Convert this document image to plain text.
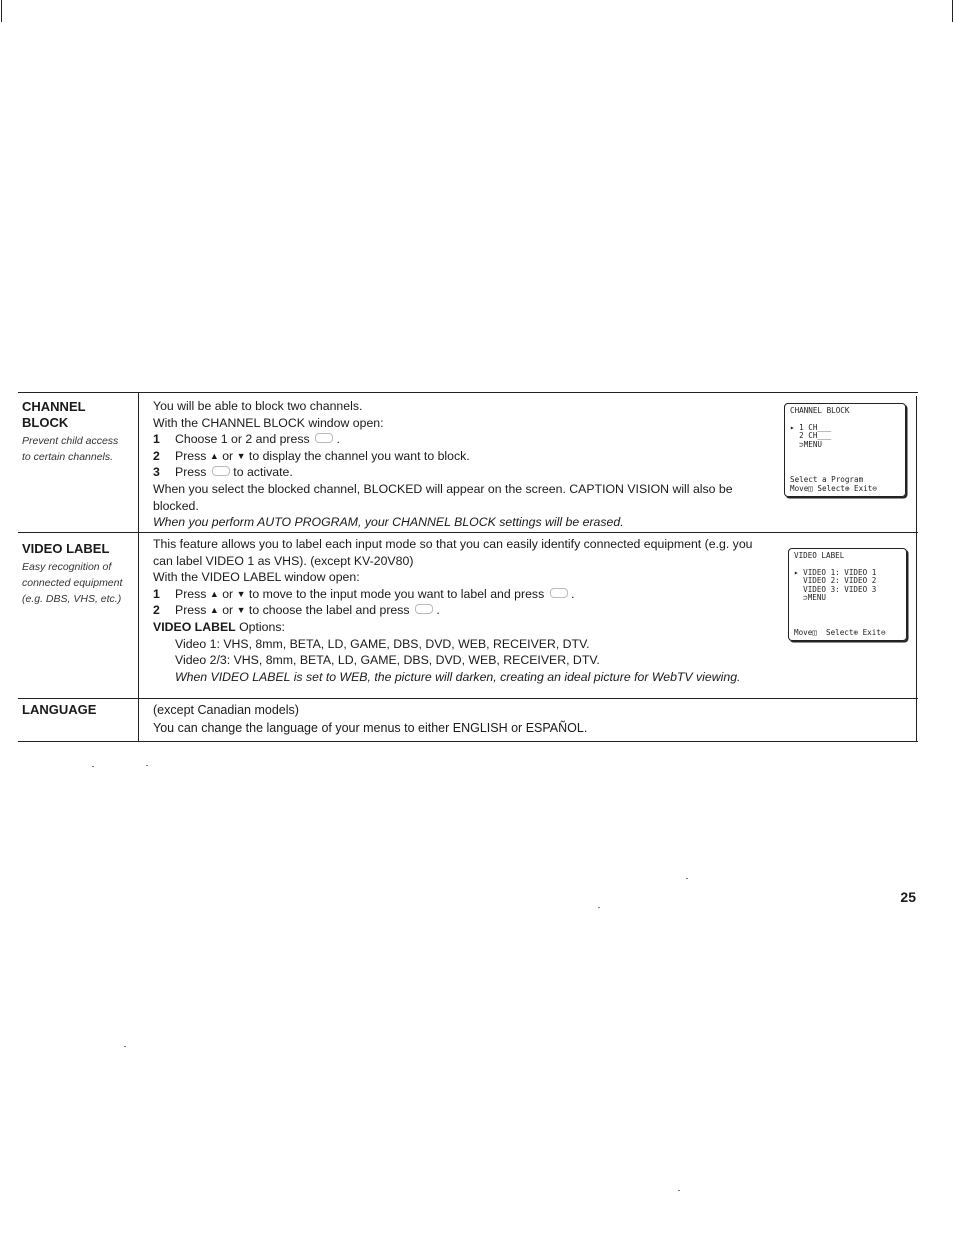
CHANNEL
BLOCK
Prevent child access
to certain channels.
You will be able to block two channels.
With the CHANNEL BLOCK window open:
1 Choose 1 or 2 and press  .
2 Press ▲ or ▼ to display the channel you want to block.
3 Press to activate.
When you select the blocked channel, BLOCKED will appear on the screen. CAPTION VISION will also be
blocked.
When you perform AUTO PROGRAM, your CHANNEL BLOCK settings will be erased.
CHANNEL BLOCK
▸ 1 CH___
2 CH___
⊃MENU
Select a Program
Move◫ Select⊕ Exit⊖
VIDEO LABEL
Easy recognition of
connected equipment
(e.g. DBS, VHS, etc.)
This feature allows you to label each input mode so that you can easily identify connected equipment (e.g. you
can label VIDEO 1 as VHS). (except KV-20V80)
With the VIDEO LABEL window open:
1 Press ▲ or ▼ to move to the input mode you want to label and press  .
2 Press ▲ or ▼ to choose the label and press  .
VIDEO LABEL Options:
Video 1: VHS, 8mm, BETA, LD, GAME, DBS, DVD, WEB, RECEIVER, DTV.
Video 2/3: VHS, 8mm, BETA, LD, GAME, DBS, DVD, WEB, RECEIVER, DTV.
When VIDEO LABEL is set to WEB, the picture will darken, creating an ideal picture for WebTV viewing.
VIDEO LABEL
▸ VIDEO 1: VIDEO 1
VIDEO 2: VIDEO 2
VIDEO 3: VIDEO 3
⊃MENU
Move◫  Select⊕ Exit⊖
LANGUAGE	(except Canadian models)
You can change the language of your menus to either ENGLISH or ESPAÑOL.
25
